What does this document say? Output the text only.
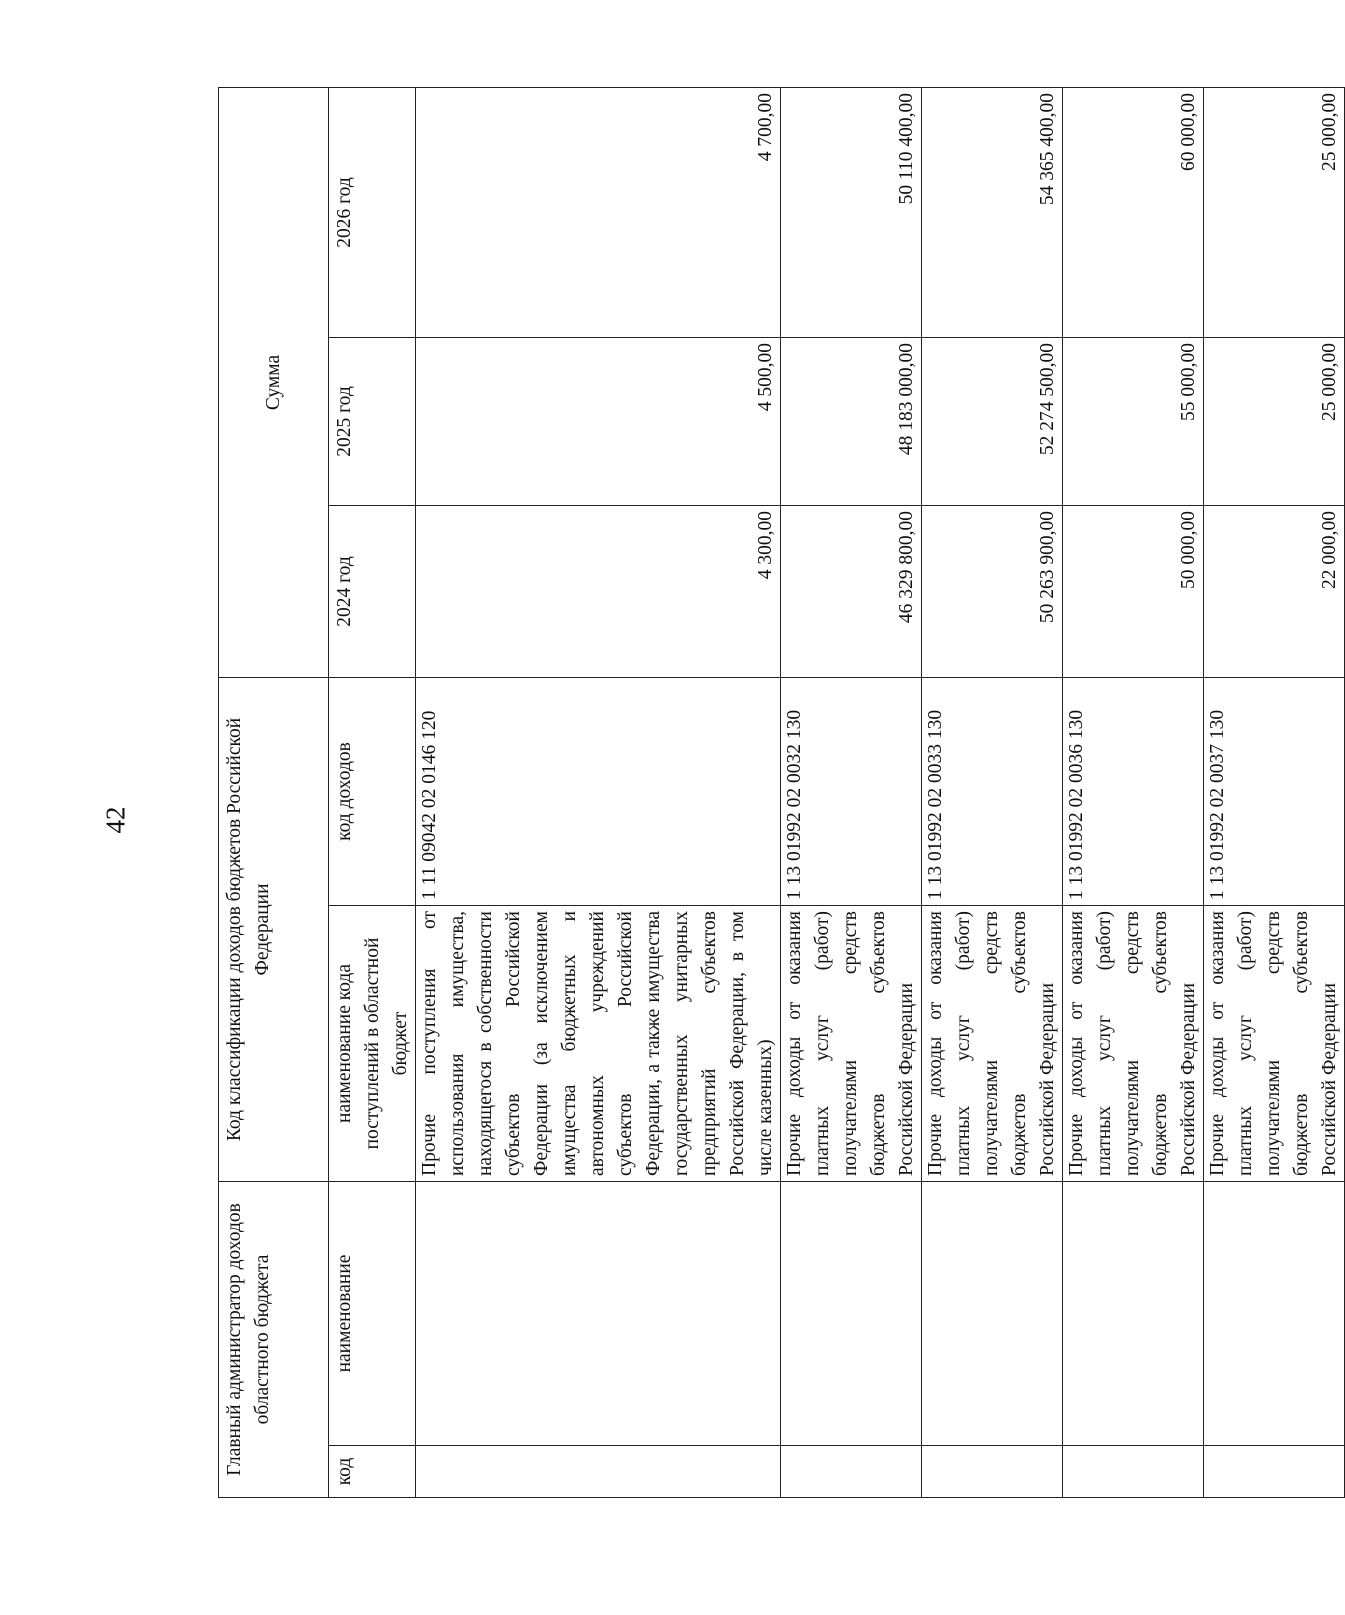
42
Главный администратор доходов областного бюджета		Код классификации доходов бюджетов Российской Федерации		Сумма		
код	наименование	наименование кода поступлений в областной бюджет	код доходов	2024 год	2025 год	2026 год
		Прочие поступления от использования имущества, находящегося в собственности субъектов Российской Федерации (за исключением имущества бюджетных и автономных учреждений субъектов Российской Федерации, а также имущества государственных унитарных предприятий субъектов Российской Федерации, в том числе казенных)	1 11 09042 02 0146 120	4 300,00	4 500,00	4 700,00
		Прочие доходы от оказания платных услуг (работ) получателями средств бюджетов субъектов Российской Федерации	1 13 01992 02 0032 130	46 329 800,00	48 183 000,00	50 110 400,00
		Прочие доходы от оказания платных услуг (работ) получателями средств бюджетов субъектов Российской Федерации	1 13 01992 02 0033 130	50 263 900,00	52 274 500,00	54 365 400,00
		Прочие доходы от оказания платных услуг (работ) получателями средств бюджетов субъектов Российской Федерации	1 13 01992 02 0036 130	50 000,00	55 000,00	60 000,00
		Прочие доходы от оказания платных услуг (работ) получателями средств бюджетов субъектов Российской Федерации	1 13 01992 02 0037 130	22 000,00	25 000,00	25 000,00
